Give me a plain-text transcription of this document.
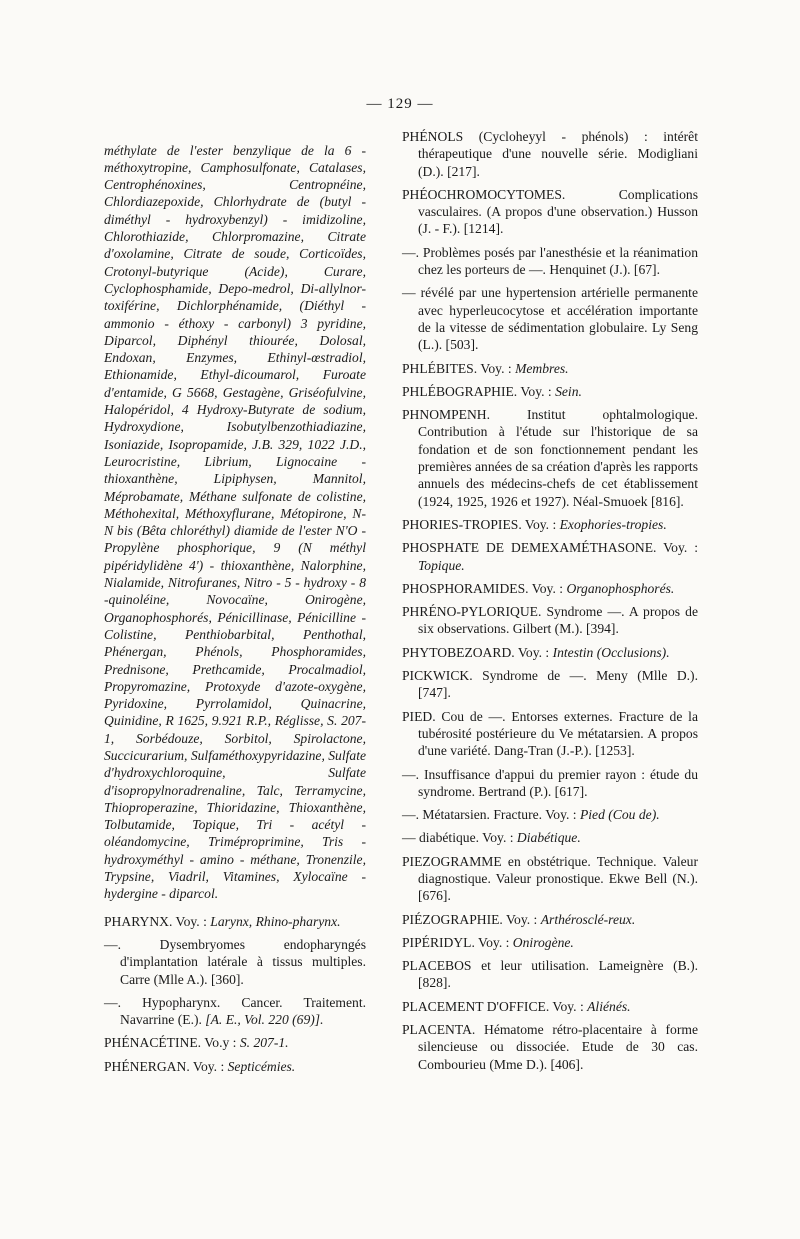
— 129 —

méthylate de l'ester benzylique de la 6 - méthoxytropine, Camphosulfonate, Catalases, Centrophénoxines, Centropnéine, Chlordiazepoxide, Chlorhydrate de (butyl - diméthyl - hydroxybenzyl) - imidizoline, Chlorothiazide, Chlorpromazine, Citrate d'oxolamine, Citrate de soude, Corticoïdes, Crotonyl-butyrique (Acide), Curare, Cyclophosphamide, Depo-medrol, Di-allylnor-toxiférine, Dichlorphénamide, (Diéthyl - ammonio - éthoxy - carbonyl) 3 pyridine, Diparcol, Diphényl thiourée, Dolosal, Endoxan, Enzymes, Ethinyl-œstradiol, Ethionamide, Ethyl-dicoumarol, Furoate d'entamide, G 5668, Gestagène, Griséofulvine, Halopéridol, 4 Hydroxy-Butyrate de sodium, Hydroxydione, Isobutylbenzothiadiazine, Isoniazide, Isopropamide, J.B. 329, 1022 J.D., Leurocristine, Librium, Lignocaine - thioxanthène, Lipiphysen, Mannitol, Méprobamate, Méthane sulfonate de colistine, Méthohexital, Méthoxyflurane, Métopirone, N-N bis (Bêta chloréthyl) diamide de l'ester N'O - Propylène phosphorique, 9 (N méthyl pipéridylidène 4') - thioxanthène, Nalorphine, Nialamide, Nitrofuranes, Nitro - 5 - hydroxy - 8 -quinoléine, Novocaïne, Onirogène, Organophosphorés, Pénicillinase, Pénicilline - Colistine, Penthiobarbital, Penthothal, Phénergan, Phénols, Phosphoramides, Prednisone, Prethcamide, Procalmadiol, Propyromazine, Protoxyde d'azote-oxygène, Pyridoxine, Pyrrolamidol, Quinacrine, Quinidine, R 1625, 9.921 R.P., Réglisse, S. 207-1, Sorbédouze, Sorbitol, Spirolactone, Succicurarium, Sulfaméthoxypyridazine, Sulfate d'hydroxychloroquine, Sulfate d'isopropylnoradrenaline, Talc, Terramycine, Thioproperazine, Thioridazine, Thioxanthène, Tolbutamide, Topique, Tri - acétyl - oléandomycine, Triméproprimine, Tris - hydroxyméthyl - amino - méthane, Tronenzile, Trypsine, Viadril, Vitamines, Xylocaïne - hydergine - diparcol.

PHARYNX. Voy. : Larynx, Rhino-pharynx.

—. Dysembryomes	endopharyngés d'implantation latérale à tissus multiples. Carre (Mlle A.). [360].

—. Hypopharynx. Cancer. Traitement. Navarrine (E.). [A. E., Vol. 220 (69)].

PHÉNACÉTINE. Vo.y : S. 207-1.

PHÉNERGAN. Voy. : Septicémies.

PHÉNOLS (Cycloheyyl - phénols) : intérêt thérapeutique d'une nouvelle série. Modigliani (D.). [217].

PHÉOCHROMOCYTOMES.	Complications vasculaires. (A propos d'une observation.) Husson (J. - F.). [1214].

—. Problèmes posés par l'anesthésie et la réanimation chez les porteurs de —. Henquinet (J.). [67].

— révélé par une hypertension artérielle permanente avec hyperleucocytose et accélération importante de la vitesse de sédimentation globulaire. Ly Seng (L.). [503].

PHLÉBITES. Voy. : Membres.

PHLÉBOGRAPHIE. Voy. : Sein.

PHNOMPENH.	Institut ophtalmologique. Contribution à l'étude sur l'historique de sa fondation et de son fonctionnement pendant les premières années de sa création d'après les rapports annuels des médecins-chefs de cet établissement (1924, 1925, 1926 et 1927). Néal-Smuoek [816].

PHORIES-TROPIES. Voy. : Exophories-tropies.

PHOSPHATE DE DEMEXAMÉTHASONE. Voy. : Topique.

PHOSPHORAMIDES. Voy. : Organophosphorés.

PHRÉNO-PYLORIQUE. Syndrome —. A propos de six observations. Gilbert (M.). [394].

PHYTOBEZOARD. Voy. : Intestin (Occlusions).

PICKWICK. Syndrome de —. Meny (Mlle D.). [747].

PIED. Cou de —. Entorses externes. Fracture de la tubérosité postérieure du Ve métatarsien. A propos d'une variété. Dang-Tran (J.-P.). [1253].

—. Insuffisance d'appui du premier rayon : étude du syndrome. Bertrand (P.). [617].

—. Métatarsien. Fracture. Voy. : Pied (Cou de).

— diabétique. Voy. : Diabétique.

PIEZOGRAMME en obstétrique. Technique. Valeur diagnostique. Valeur pronostique. Ekwe Bell (N.). [676].

PIÉZOGRAPHIE. Voy. : Arthérosclé-reux.

PIPÉRIDYL. Voy. : Onirogène.

PLACEBOS et leur utilisation. Lameignère (B.). [828].

PLACEMENT D'OFFICE. Voy. : Aliénés.

PLACENTA. Hématome rétro-placentaire à forme silencieuse ou dissociée. Etude de 30 cas. Combourieu (Mme D.). [406].
